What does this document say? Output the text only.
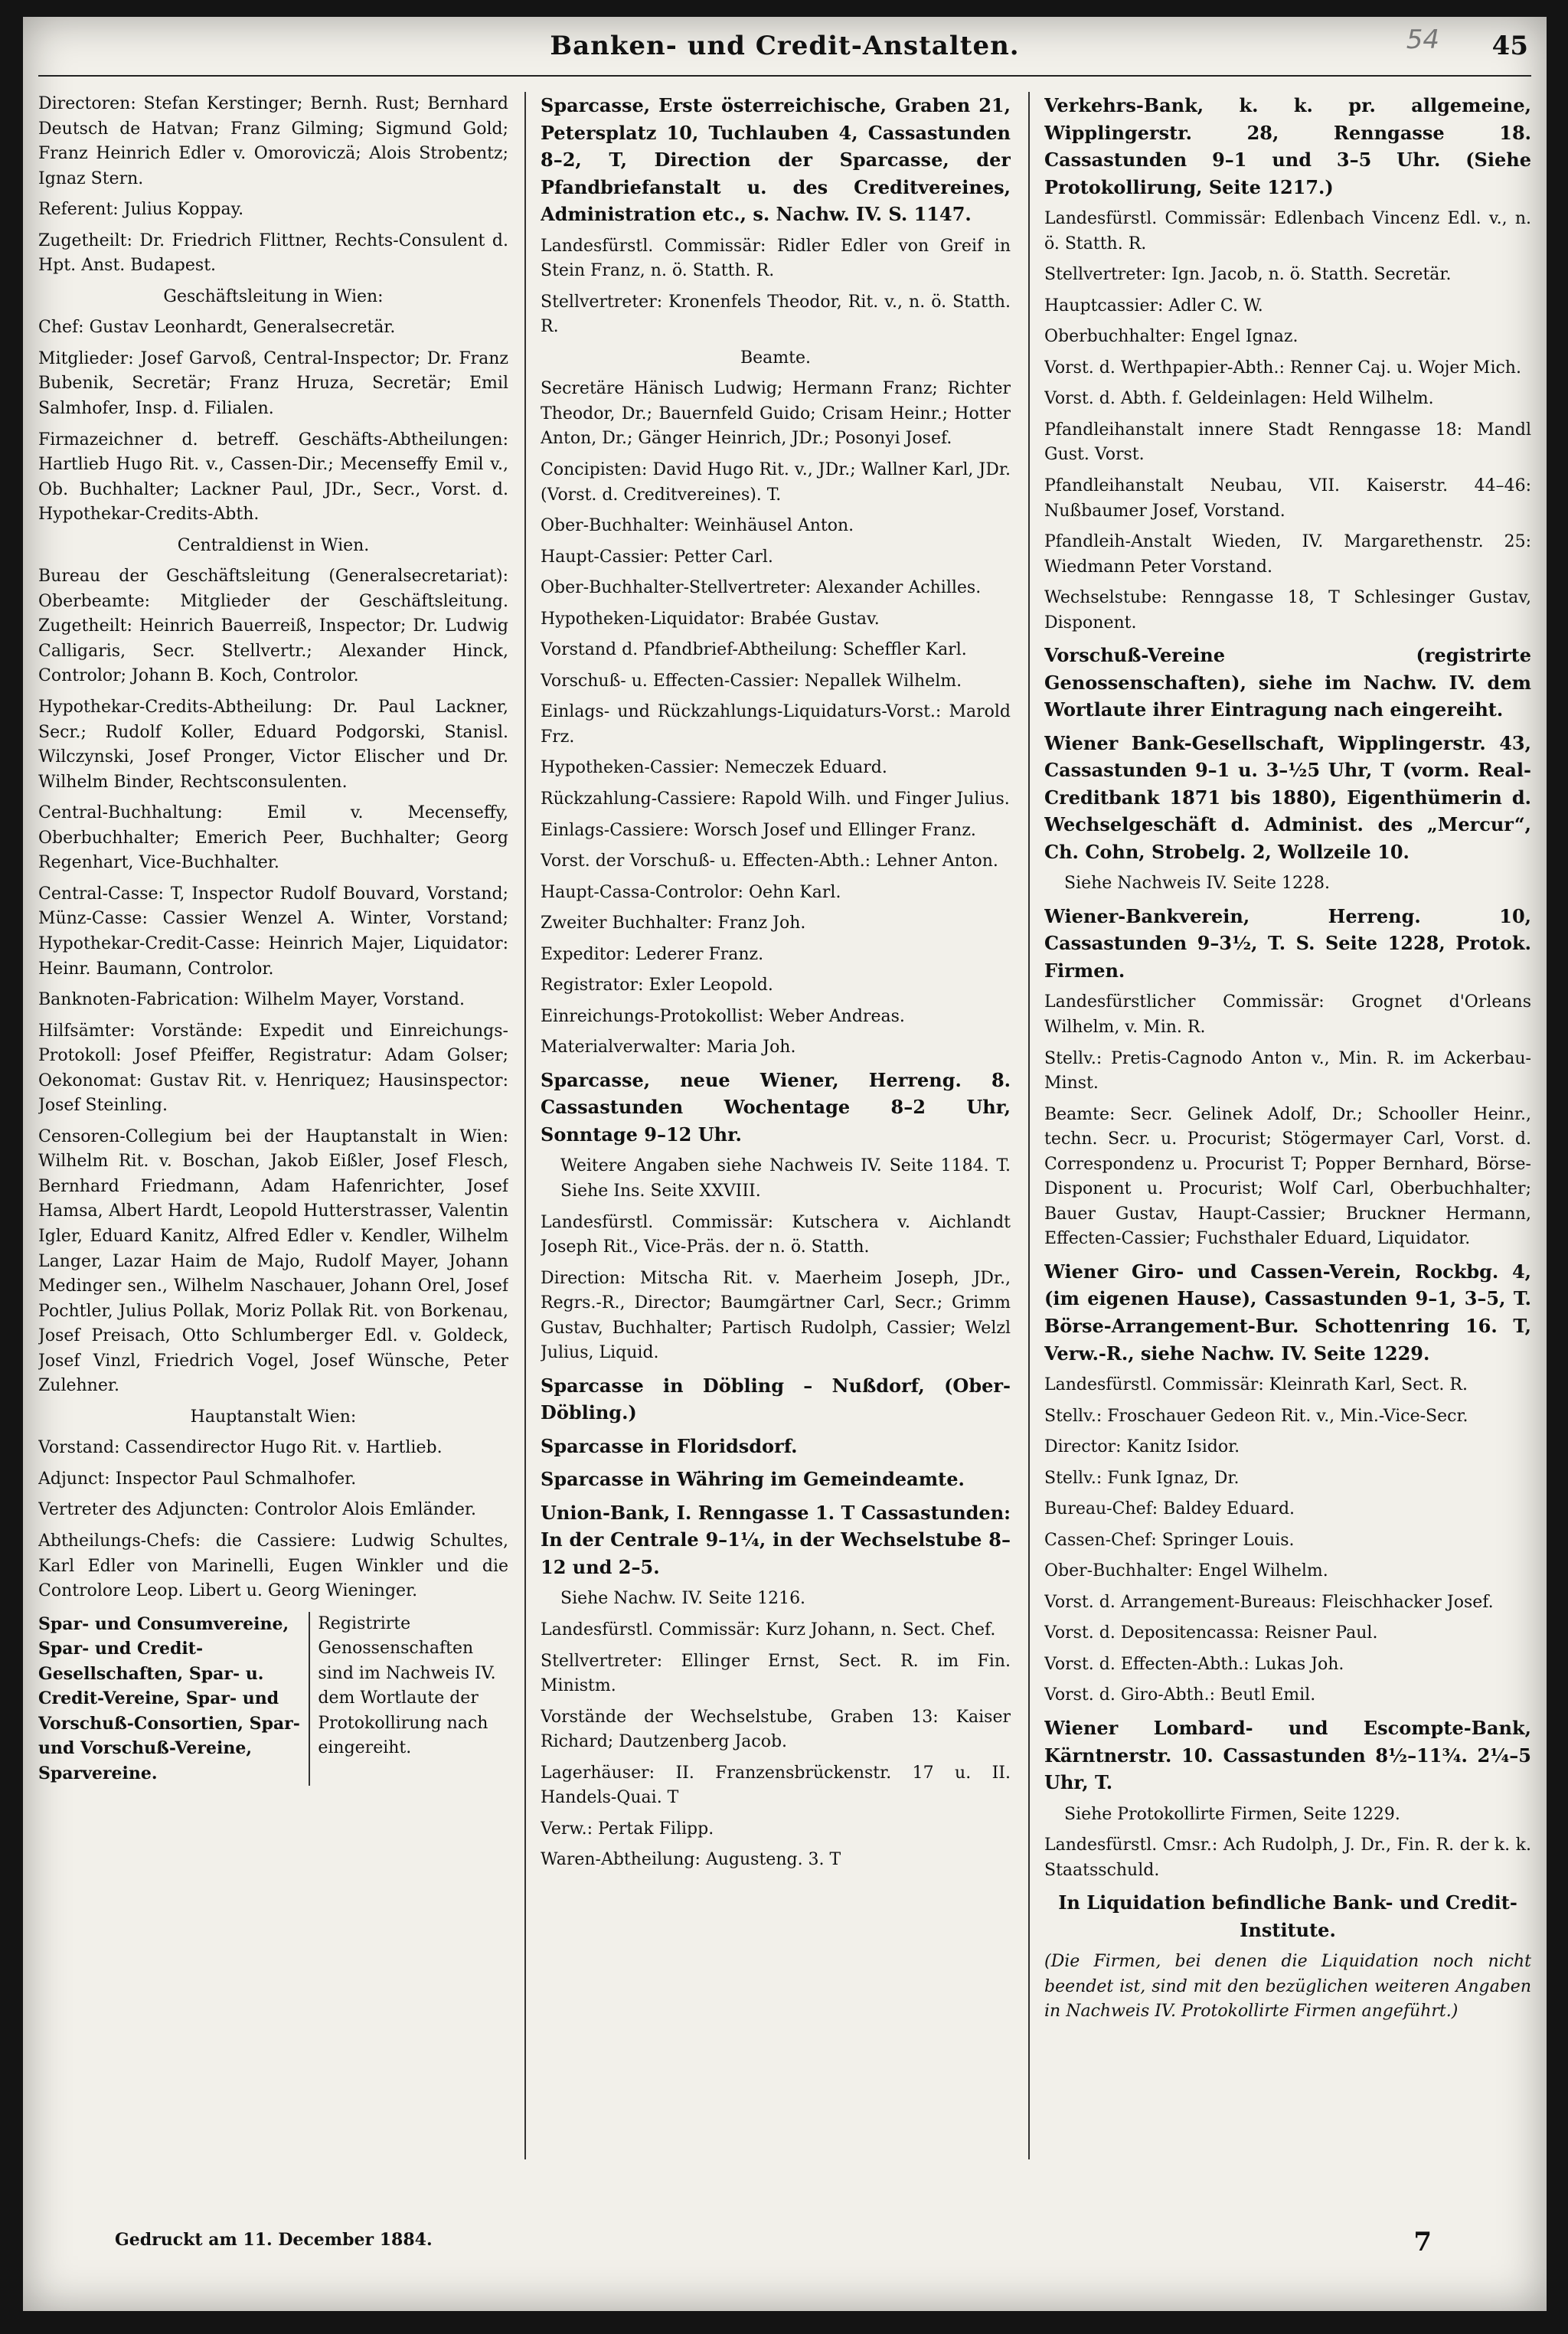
Banken- und Credit-Anstalten.	54 45
Directoren: Stefan Kerstinger; Bernh. Rust; Bernhard Deutsch de Hatvan; Franz Gilming; Sigmund Gold; Franz Heinrich Edler v. Omoroviczä; Alois Strobentz; Ignaz Stern.
Referent: Julius Koppay.
Zugetheilt: Dr. Friedrich Flittner, Rechts-Consulent d. Hpt. Anst. Budapest.
Geschäftsleitung in Wien:
Chef: Gustav Leonhardt, Generalsecretär.
Mitglieder: Josef Garvoß, Central-Inspector; Dr. Franz Bubenik, Secretär; Franz Hruza, Secretär; Emil Salmhofer, Insp. d. Filialen.
Firmazeichner d. betreff. Geschäfts-Abtheilungen: Hartlieb Hugo Rit. v., Cassen-Dir.; Mecenseffy Emil v., Ob. Buchhalter; Lackner Paul, JDr., Secr., Vorst. d. Hypothekar-Credits-Abth.
Centraldienst in Wien.
Bureau der Geschäftsleitung (Generalsecretariat): Oberbeamte: Mitglieder der Geschäftsleitung. Zugetheilt: Heinrich Bauerreiß, Inspector; Dr. Ludwig Calligaris, Secr. Stellvertr.; Alexander Hinck, Controlor; Johann B. Koch, Controlor.
Hypothekar-Credits-Abtheilung: Dr. Paul Lackner, Secr.; Rudolf Koller, Eduard Podgorski, Stanisl. Wilczynski, Josef Pronger, Victor Elischer und Dr. Wilhelm Binder, Rechtsconsulenten.
Central-Buchhaltung: Emil v. Mecenseffy, Oberbuchhalter; Emerich Peer, Buchhalter; Georg Regenhart, Vice-Buchhalter.
Central-Casse: T, Inspector Rudolf Bouvard, Vorstand; Münz-Casse: Cassier Wenzel A. Winter, Vorstand; Hypothekar-Credit-Casse: Heinrich Majer, Liquidator: Heinr. Baumann, Controlor.
Banknoten-Fabrication: Wilhelm Mayer, Vorstand.
Hilfsämter: Vorstände: Expedit und Einreichungs-Protokoll: Josef Pfeiffer, Registratur: Adam Golser; Oekonomat: Gustav Rit. v. Henriquez; Hausinspector: Josef Steinling.
Censoren-Collegium bei der Hauptanstalt in Wien: Wilhelm Rit. v. Boschan, Jakob Eißler, Josef Flesch, Bernhard Friedmann, Adam Hafenrichter, Josef Hamsa, Albert Hardt, Leopold Hutterstrasser, Valentin Igler, Eduard Kanitz, Alfred Edler v. Kendler, Wilhelm Langer, Lazar Haim de Majo, Rudolf Mayer, Johann Medinger sen., Wilhelm Naschauer, Johann Orel, Josef Pochtler, Julius Pollak, Moriz Pollak Rit. von Borkenau, Josef Preisach, Otto Schlumberger Edl. v. Goldeck, Josef Vinzl, Friedrich Vogel, Josef Wünsche, Peter Zulehner.
Hauptanstalt Wien:
Vorstand: Cassendirector Hugo Rit. v. Hartlieb.
Adjunct: Inspector Paul Schmalhofer.
Vertreter des Adjuncten: Controlor Alois Emländer.
Abtheilungs-Chefs: die Cassiere: Ludwig Schultes, Karl Edler von Marinelli, Eugen Winkler und die Controlore Leop. Libert u. Georg Wieninger.
Spar- und Consumvereine, Spar- und Credit-Gesellschaften, Spar- u. Credit-Vereine, Spar- und Vorschuß-Consortien, Spar- und Vorschuß-Vereine, Sparvereine.
Registrirte Genossenschaften sind im Nachweis IV. dem Wortlaute der Protokollirung nach eingereiht.
Sparcasse, Erste österreichische, Graben 21, Petersplatz 10, Tuchlauben 4, Cassastunden 8–2, T, Direction der Sparcasse, der Pfandbriefanstalt u. des Creditvereines, Administration etc., s. Nachw. IV. S. 1147.
Landesfürstl. Commissär: Ridler Edler von Greif in Stein Franz, n. ö. Statth. R.
Stellvertreter: Kronenfels Theodor, Rit. v., n. ö. Statth. R.
Beamte.
Secretäre Hänisch Ludwig; Hermann Franz; Richter Theodor, Dr.; Bauernfeld Guido; Crisam Heinr.; Hotter Anton, Dr.; Gänger Heinrich, JDr.; Posonyi Josef.
Concipisten: David Hugo Rit. v., JDr.; Wallner Karl, JDr. (Vorst. d. Creditvereines). T.
Ober-Buchhalter: Weinhäusel Anton.
Haupt-Cassier: Petter Carl.
Ober-Buchhalter-Stellvertreter: Alexander Achilles.
Hypotheken-Liquidator: Brabée Gustav.
Vorstand d. Pfandbrief-Abtheilung: Scheffler Karl.
Vorschuß- u. Effecten-Cassier: Nepallek Wilhelm.
Einlags- und Rückzahlungs-Liquidaturs-Vorst.: Marold Frz.
Hypotheken-Cassier: Nemeczek Eduard.
Rückzahlung-Cassiere: Rapold Wilh. und Finger Julius.
Einlags-Cassiere: Worsch Josef und Ellinger Franz.
Vorst. der Vorschuß- u. Effecten-Abth.: Lehner Anton.
Haupt-Cassa-Controlor: Oehn Karl.
Zweiter Buchhalter: Franz Joh.
Expeditor: Lederer Franz.
Registrator: Exler Leopold.
Einreichungs-Protokollist: Weber Andreas.
Materialverwalter: Maria Joh.
Sparcasse, neue Wiener, Herreng. 8. Cassastunden Wochentage 8–2 Uhr, Sonntage 9–12 Uhr.
Weitere Angaben siehe Nachweis IV. Seite 1184. T. Siehe Ins. Seite XXVIII.
Landesfürstl. Commissär: Kutschera v. Aichlandt Joseph Rit., Vice-Präs. der n. ö. Statth.
Direction: Mitscha Rit. v. Maerheim Joseph, JDr., Regrs.-R., Director; Baumgärtner Carl, Secr.; Grimm Gustav, Buchhalter; Partisch Rudolph, Cassier; Welzl Julius, Liquid.
Sparcasse in Döbling – Nußdorf, (Ober-Döbling.)
Sparcasse in Floridsdorf.
Sparcasse in Währing im Gemeindeamte.
Union-Bank, I. Renngasse 1. T Cassastunden: In der Centrale 9–1¼, in der Wechselstube 8–12 und 2–5.
Siehe Nachw. IV. Seite 1216.
Landesfürstl. Commissär: Kurz Johann, n. Sect. Chef.
Stellvertreter: Ellinger Ernst, Sect. R. im Fin. Ministm.
Vorstände der Wechselstube, Graben 13: Kaiser Richard; Dautzenberg Jacob.
Lagerhäuser: II. Franzensbrückenstr. 17 u. II. Handels-Quai. T
Verw.: Pertak Filipp.
Waren-Abtheilung: Augusteng. 3. T
Verkehrs-Bank, k. k. pr. allgemeine, Wipplingerstr. 28, Renngasse 18. Cassastunden 9–1 und 3–5 Uhr. (Siehe Protokollirung, Seite 1217.)
Landesfürstl. Commissär: Edlenbach Vincenz Edl. v., n. ö. Statth. R.
Stellvertreter: Ign. Jacob, n. ö. Statth. Secretär.
Hauptcassier: Adler C. W.
Oberbuchhalter: Engel Ignaz.
Vorst. d. Werthpapier-Abth.: Renner Caj. u. Wojer Mich.
Vorst. d. Abth. f. Geldeinlagen: Held Wilhelm.
Pfandleihanstalt innere Stadt Renngasse 18: Mandl Gust. Vorst.
Pfandleihanstalt Neubau, VII. Kaiserstr. 44–46: Nußbaumer Josef, Vorstand.
Pfandleih-Anstalt Wieden, IV. Margarethenstr. 25: Wiedmann Peter Vorstand.
Wechselstube: Renngasse 18, T Schlesinger Gustav, Disponent.
Vorschuß-Vereine (registrirte Genossenschaften), siehe im Nachw. IV. dem Wortlaute ihrer Eintragung nach eingereiht.
Wiener Bank-Gesellschaft, Wipplingerstr. 43, Cassastunden 9–1 u. 3–½5 Uhr, T (vorm. Real-Creditbank 1871 bis 1880), Eigenthümerin d. Wechselgeschäft d. Administ. des „Mercur“, Ch. Cohn, Strobelg. 2, Wollzeile 10.
Siehe Nachweis IV. Seite 1228.
Wiener-Bankverein, Herreng. 10, Cassastunden 9–3½, T. S. Seite 1228, Protok. Firmen.
Landesfürstlicher Commissär: Grognet d'Orleans Wilhelm, v. Min. R.
Stellv.: Pretis-Cagnodo Anton v., Min. R. im Ackerbau-Minst.
Beamte: Secr. Gelinek Adolf, Dr.; Schooller Heinr., techn. Secr. u. Procurist; Stögermayer Carl, Vorst. d. Correspondenz u. Procurist T; Popper Bernhard, Börse-Disponent u. Procurist; Wolf Carl, Oberbuchhalter; Bauer Gustav, Haupt-Cassier; Bruckner Hermann, Effecten-Cassier; Fuchsthaler Eduard, Liquidator.
Wiener Giro- und Cassen-Verein, Rockbg. 4, (im eigenen Hause), Cassastunden 9–1, 3–5, T. Börse-Arrangement-Bur. Schottenring 16. T, Verw.-R., siehe Nachw. IV. Seite 1229.
Landesfürstl. Commissär: Kleinrath Karl, Sect. R.
Stellv.: Froschauer Gedeon Rit. v., Min.-Vice-Secr.
Director: Kanitz Isidor.
Stellv.: Funk Ignaz, Dr.
Bureau-Chef: Baldey Eduard.
Cassen-Chef: Springer Louis.
Ober-Buchhalter: Engel Wilhelm.
Vorst. d. Arrangement-Bureaus: Fleischhacker Josef.
Vorst. d. Depositencassa: Reisner Paul.
Vorst. d. Effecten-Abth.: Lukas Joh.
Vorst. d. Giro-Abth.: Beutl Emil.
Wiener Lombard- und Escompte-Bank, Kärntnerstr. 10. Cassastunden 8½–11¾. 2¼–5 Uhr, T.
Siehe Protokollirte Firmen, Seite 1229.
Landesfürstl. Cmsr.: Ach Rudolph, J. Dr., Fin. R. der k. k. Staatsschuld.
In Liquidation befindliche Bank- und Credit-Institute.
(Die Firmen, bei denen die Liquidation noch nicht beendet ist, sind mit den bezüglichen weiteren Angaben in Nachweis IV. Protokollirte Firmen angeführt.)
Gedruckt am 11. December 1884.	7
